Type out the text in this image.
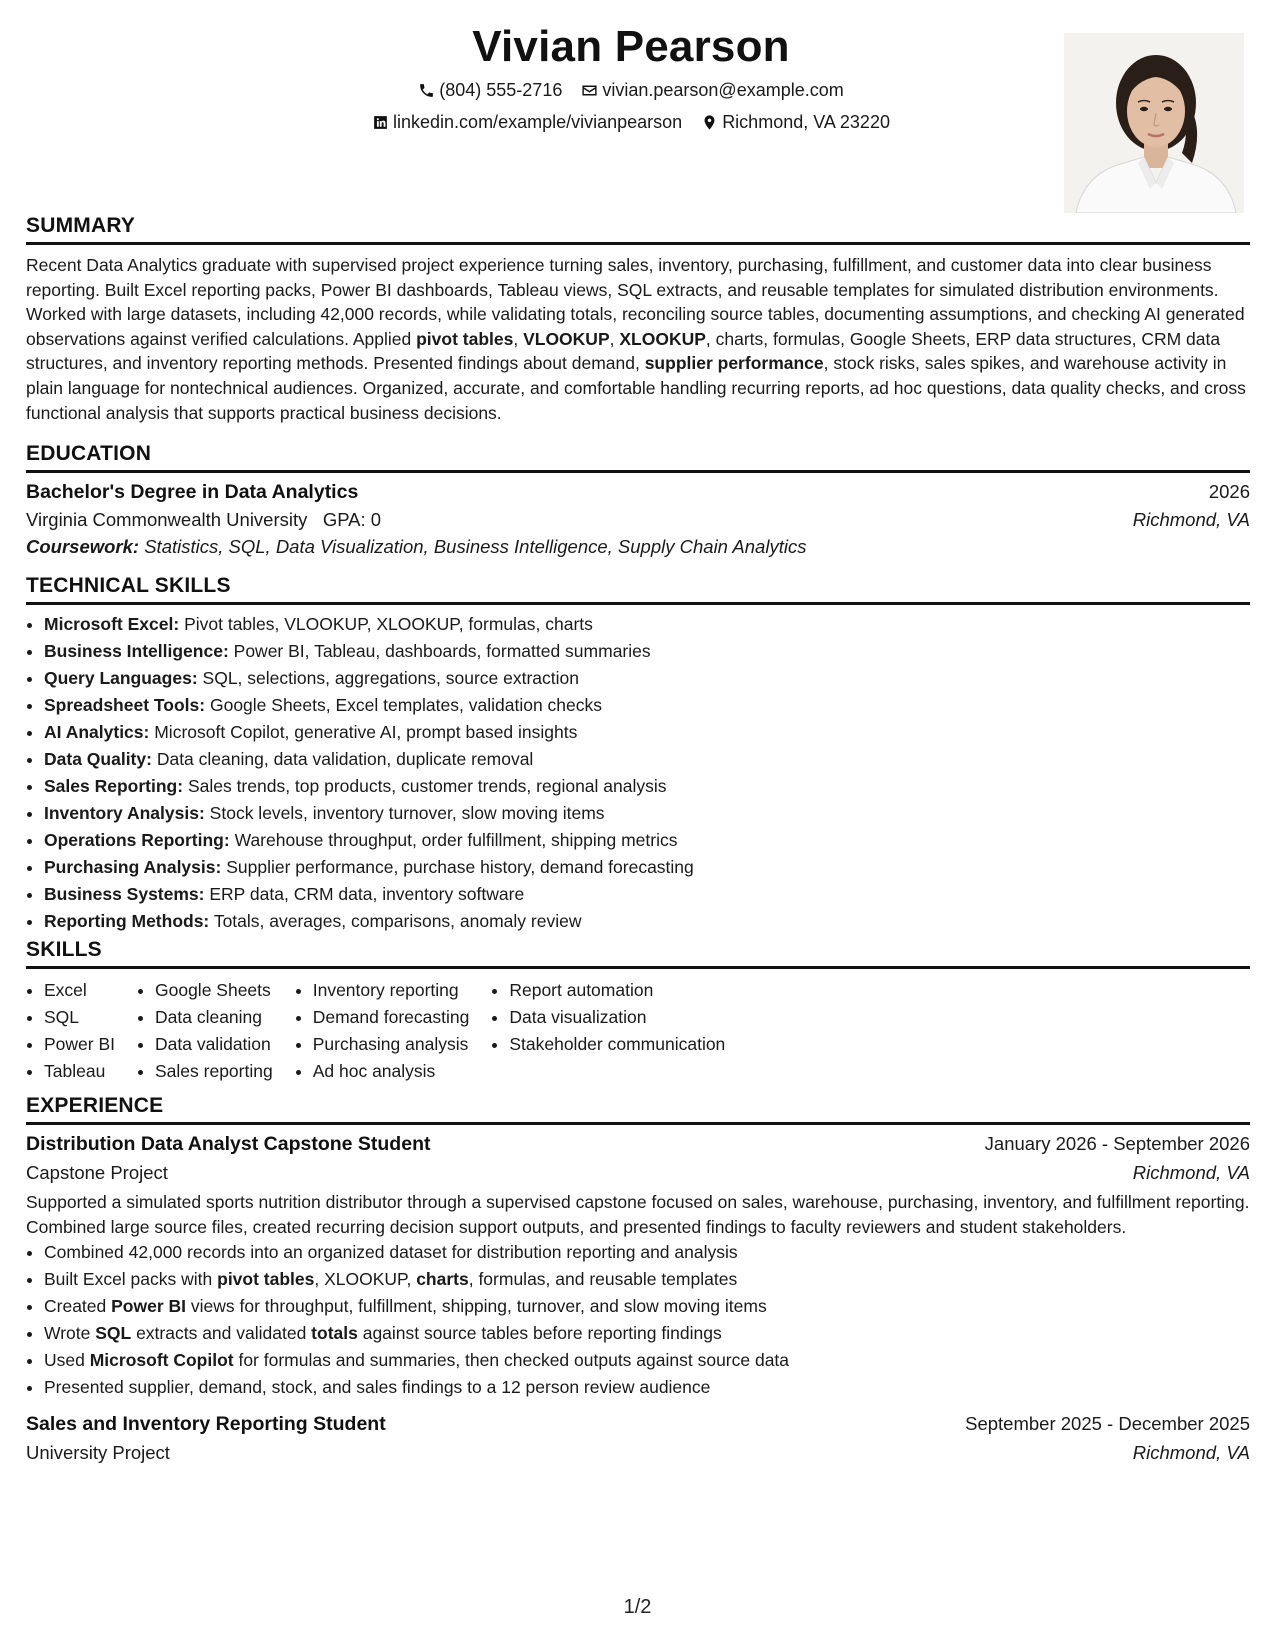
Vivian Pearson
(804) 555-2716
vivian.pearson@example.com
linkedin.com/example/vivianpearson
Richmond, VA 23220
SUMMARY
Recent Data Analytics graduate with supervised project experience turning sales, inventory, purchasing, fulfillment, and customer data into clear business reporting. Built Excel reporting packs, Power BI dashboards, Tableau views, SQL extracts, and reusable templates for simulated distribution environments. Worked with large datasets, including 42,000 records, while validating totals, reconciling source tables, documenting assumptions, and checking AI generated observations against verified calculations. Applied pivot tables, VLOOKUP, XLOOKUP, charts, formulas, Google Sheets, ERP data structures, CRM data structures, and inventory reporting methods. Presented findings about demand, supplier performance, stock risks, sales spikes, and warehouse activity in plain language for nontechnical audiences. Organized, accurate, and comfortable handling recurring reports, ad hoc questions, data quality checks, and cross functional analysis that supports practical business decisions.
EDUCATION
Bachelor's Degree in Data Analytics	2026
Virginia Commonwealth University GPA: 0	Richmond, VA
Coursework: Statistics, SQL, Data Visualization, Business Intelligence, Supply Chain Analytics
TECHNICAL SKILLS
• Microsoft Excel: Pivot tables, VLOOKUP, XLOOKUP, formulas, charts
• Business Intelligence: Power BI, Tableau, dashboards, formatted summaries
• Query Languages: SQL, selections, aggregations, source extraction
• Spreadsheet Tools: Google Sheets, Excel templates, validation checks
• AI Analytics: Microsoft Copilot, generative AI, prompt based insights
• Data Quality: Data cleaning, data validation, duplicate removal
• Sales Reporting: Sales trends, top products, customer trends, regional analysis
• Inventory Analysis: Stock levels, inventory turnover, slow moving items
• Operations Reporting: Warehouse throughput, order fulfillment, shipping metrics
• Purchasing Analysis: Supplier performance, purchase history, demand forecasting
• Business Systems: ERP data, CRM data, inventory software
• Reporting Methods: Totals, averages, comparisons, anomaly review
SKILLS
• Excel
• SQL
• Power BI
• Tableau
• Google Sheets
• Data cleaning
• Data validation
• Sales reporting
• Inventory reporting
• Demand forecasting
• Purchasing analysis
• Ad hoc analysis
• Report automation
• Data visualization
• Stakeholder communication
EXPERIENCE
Distribution Data Analyst Capstone Student	January 2026 - September 2026
Capstone Project	Richmond, VA
Supported a simulated sports nutrition distributor through a supervised capstone focused on sales, warehouse, purchasing, inventory, and fulfillment reporting. Combined large source files, created recurring decision support outputs, and presented findings to faculty reviewers and student stakeholders.
• Combined 42,000 records into an organized dataset for distribution reporting and analysis
• Built Excel packs with pivot tables, XLOOKUP, charts, formulas, and reusable templates
• Created Power BI views for throughput, fulfillment, shipping, turnover, and slow moving items
• Wrote SQL extracts and validated totals against source tables before reporting findings
• Used Microsoft Copilot for formulas and summaries, then checked outputs against source data
• Presented supplier, demand, stock, and sales findings to a 12 person review audience
Sales and Inventory Reporting Student	September 2025 - December 2025
University Project	Richmond, VA
1/2
